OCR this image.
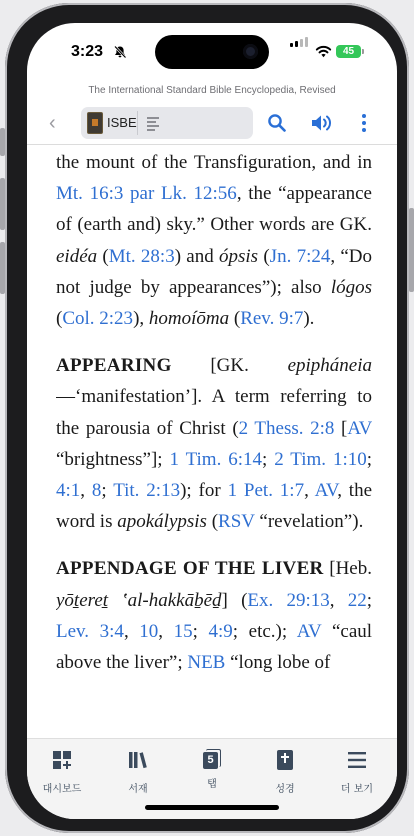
3:23	45
The International Standard Bible Encyclopedia, Revised
‹	ISBE
the mount of the Transfiguration, and in Mt. 16:3 par Lk. 12:56, the “appearance of (earth and) sky.” Other words are GK. eidéa (Mt. 28:3) and ópsis (Jn. 7:24, “Do not judge by appearances”); also lógos (Col. 2:23), homoíōma (Rev. 9:7).
APPEARING [GK. epipháneia—‘manifestation’]. A term referring to the parousia of Christ (2 Thess. 2:8 [AV “brightness”]; 1 Tim. 6:14; 2 Tim. 1:10; 4:1, 8; Tit. 2:13); for 1 Pet. 1:7, AV, the word is apokálypsis (RSV “revelation”).
APPENDAGE OF THE LIVER [Heb. yōṯereṯ ʽal-hakkāḇēḏ] (Ex. 29:13, 22; Lev. 3:4, 10, 15; 4:9; etc.); AV “caul above the liver”; NEB “long lobe of
대시보드	서재
5
탭	성경	더 보기
